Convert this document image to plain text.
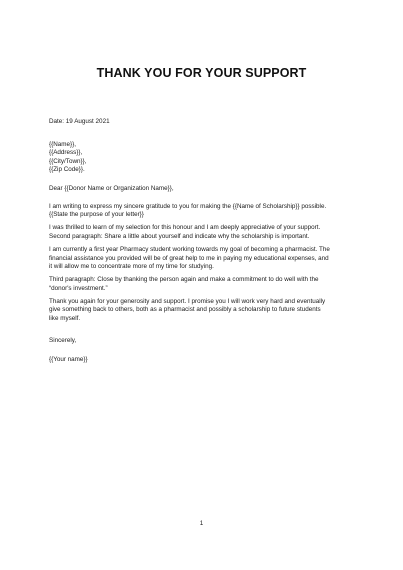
THANK YOU FOR YOUR SUPPORT
Date: 19 August 2021
{{Name}},
{{Address}},
{{City/Town}},
{{Zip Code}}.
Dear {{Donor Name or Organization Name}},
I am writing to express my sincere gratitude to you for making the {{Name of Scholarship}} possible.
{{State the purpose of your letter}}
I was thrilled to learn of my selection for this honour and I am deeply appreciative of your support.
Second paragraph: Share a little about yourself and indicate why the scholarship is important.
I am currently a first year Pharmacy student working towards my goal of becoming a pharmacist. The
financial assistance you provided will be of great help to me in paying my educational expenses, and
it will allow me to concentrate more of my time for studying.
Third paragraph: Close by thanking the person again and make a commitment to do well with the
“donor's investment.”
Thank you again for your generosity and support. I promise you I will work very hard and eventually
give something back to others, both as a pharmacist and possibly a scholarship to future students
like myself.
Sincerely,
{{Your name}}
1
